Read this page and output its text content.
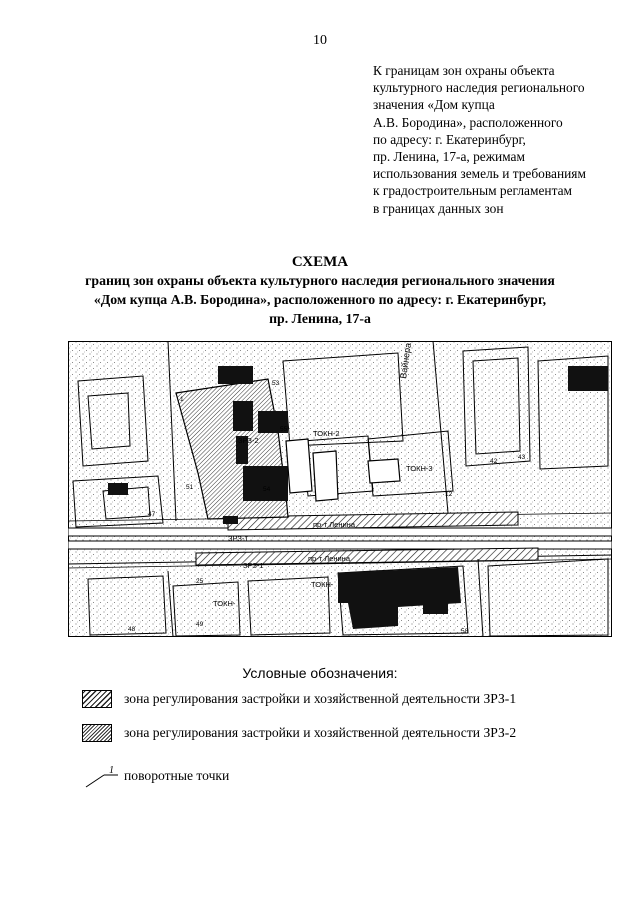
10
К границам зон охраны объекта
культурного наследия регионального
значения «Дом купца
А.В. Бородина», расположенного
по адресу: г. Екатеринбург,
пр. Ленина, 17-а, режимам
использования земель и требованиям
к градостроительным регламентам
в границах данных зон
СХЕМА
границ зон охраны объекта культурного наследия регионального значения
«Дом купца А.В. Бородина», расположенного по адресу: г. Екатеринбург,
пр. Ленина, 17-а
Вайнера
пр-т Ленина
пр-т Ленина
ЗРЗ-1
ЗРЗ-1
ЗРЗ-2
ТОКН-2
ТОКН-3
ТОКН-
ТОКН-
1
51
53
55
12
25
42
43
47
48
49
54
58
Условные обозначения:
зона регулирования застройки и хозяйственной деятельности ЗРЗ-1
зона регулирования застройки и хозяйственной деятельности ЗРЗ-2
1 поворотные точки
